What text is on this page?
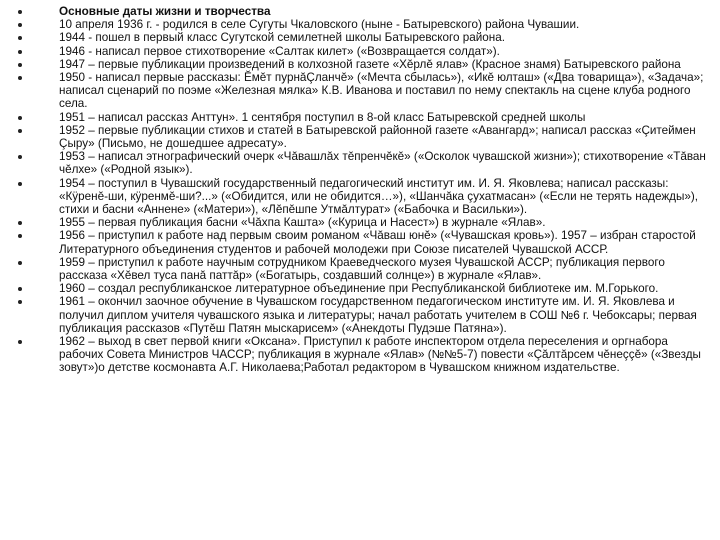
Основные даты жизни и творчества
10 апреля 1936 г. - родился в селе Сугуты Чкаловского (ныне - Батыревского) района Чувашии.
1944 - пошел в первый класс Сугутской семилетней школы Батыревского района.
1946 - написал первое стихотворение «Салтак килет» («Возвращается солдат»).
1947 – первые публикации произведений в колхозной газете «Хĕрлĕ ялав» (Красное знамя) Батыревского района
1950 - написал первые рассказы: Ĕмĕт пурнăÇланчĕ» («Мечта сбылась»), «Икĕ юлташ» («Два товарища»), «Задача»; написал сценарий по поэме «Железная мялка» К.В. Иванова и поставил по нему спектакль на сцене клуба родного села.
1951 – написал рассказ Анттун». 1 сентября поступил в 8-ой класс Батыревской средней школы
1952 – первые публикации стихов и статей в Батыревской районной газете «Авангард»; написал рассказ «Çитеймен Çыру» (Письмо, не дошедшее адресату».
1953 – написал этнографический очерк «Чăвашлăх тĕпренчĕкĕ» («Осколок чувашской жизни»); стихотворение «Тăван чĕлхе» («Родной язык»).
1954 – поступил в Чувашский государственный педагогический институт им. И. Я. Яковлева; написал рассказы: «Кÿренĕ-ши, кÿренмĕ-ши?...» («Обидится, или не обидится…»), «Шанчăка çухатмасан» («Если не терять надежды»), стихи и басни «Аннене» («Матери»), «Лĕпĕшпе Утмăлтурат» («Бабочка и Васильки»).
1955 – первая публикация басни «Чăхпа Кашта» («Курица и Насест») в журнале «Ялав».
1956 – приступил к работе над первым своим романом «Чăваш юнĕ» («Чувашская кровь»). 1957 – избран старостой Литературного объединения студентов и рабочей молодежи при Союзе писателей Чувашской АССР.
1959 – приступил к работе научным сотрудником Краеведческого музея Чувашской АССР; публикация первого рассказа «Хĕвел туса панă паттăр» («Богатырь, создавший солнце») в журнале «Ялав».
1960 – создал республиканское литературное объединение при Республиканской библиотеке им. М.Горького.
1961 – окончил заочное обучение в Чувашском государственном педагогическом институте им. И. Я. Яковлева и получил диплом учителя чувашского языка и литературы; начал работать учителем в СОШ №6 г. Чебоксары; первая публикация рассказов «Путĕш Патян мыскарисем» («Анекдоты Пудэше Патяна»).
1962 – выход в свет первой книги «Оксана». Приступил к работе инспектором отдела переселения и оргнабора рабочих Совета Министров ЧАССР; публикация в журнале «Ялав» (№№5-7) повести «Çăлтăрсем чĕнеççĕ» («Звезды зовут»)о детстве космонавта А.Г. Николаева;Работал редактором в Чувашском книжном издательстве.
